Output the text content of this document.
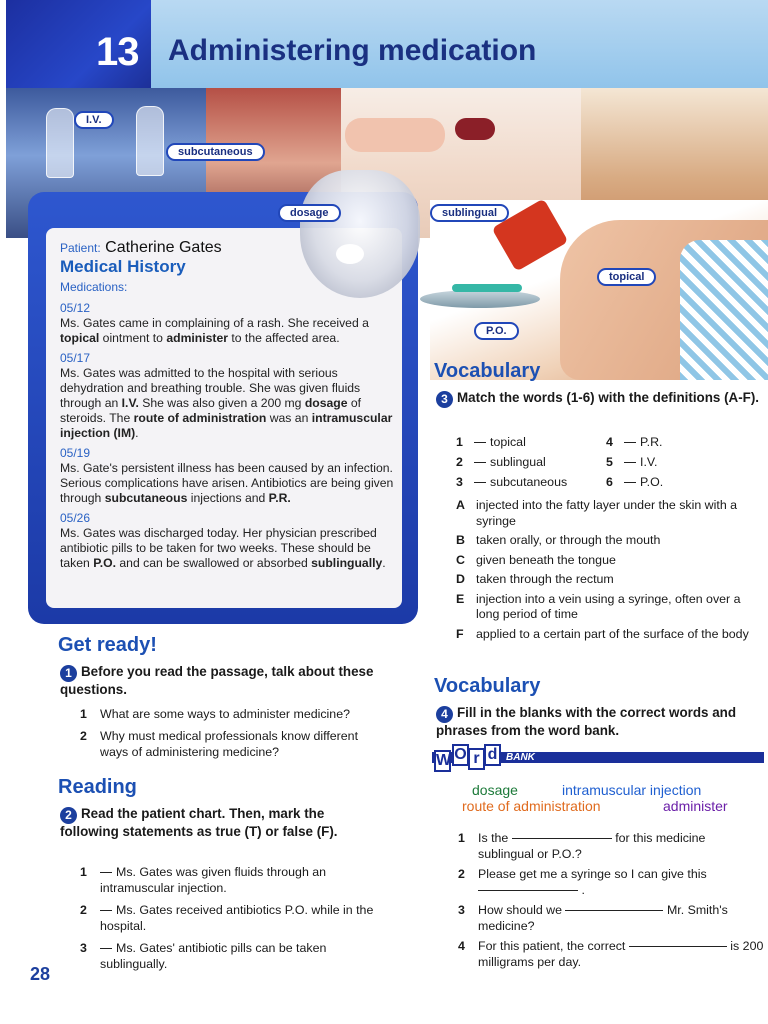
13 Administering medication
I.V.
subcutaneous
dosage	sublingual
topical
P.O.
Patient: Catherine Gates
Medical History
Medications:
05/12
Ms. Gates came in complaining of a rash. She received a topical ointment to administer to the affected area.
05/17
Ms. Gates was admitted to the hospital with serious dehydration and breathing trouble. She was given fluids through an I.V. She was also given a 200 mg dosage of steroids. The route of administration was an intramuscular injection (IM).
05/19
Ms. Gate's persistent illness has been caused by an infection. Serious complications have arisen. Antibiotics are being given through subcutaneous injections and P.R.
05/26
Ms. Gates was discharged today. Her physician prescribed antibiotic pills to be taken for two weeks. These should be taken P.O. and can be swallowed or absorbed sublingually.
Get ready!
1 Before you read the passage, talk about these questions.
1 What are some ways to administer medicine?
2 Why must medical professionals know different ways of administering medicine?
Reading
2 Read the patient chart. Then, mark the following statements as true (T) or false (F).
1 Ms. Gates was given fluids through an intramuscular injection.
2 Ms. Gates received antibiotics P.O. while in the hospital.
3 Ms. Gates' antibiotic pills can be taken sublingually.
Vocabulary
3 Match the words (1-6) with the definitions (A-F).
1 topical	4 P.R.
2 sublingual	5 I.V.
3 subcutaneous	6 P.O.
A injected into the fatty layer under the skin with a syringe
B taken orally, or through the mouth
C given beneath the tongue
D taken through the rectum
E injection into a vein using a syringe, often over a long period of time
F applied to a certain part of the surface of the body
Vocabulary
4 Fill in the blanks with the correct words and phrases from the word bank.
W O r d BANK
dosage	intramuscular injection
route of administration	administer
1 Is the	for this medicine sublingual or P.O.?
2 Please get me a syringe so I can give this  .
3 How should we	Mr. Smith's medicine?
4 For this patient, the correct	is 200 milligrams per day.
28
